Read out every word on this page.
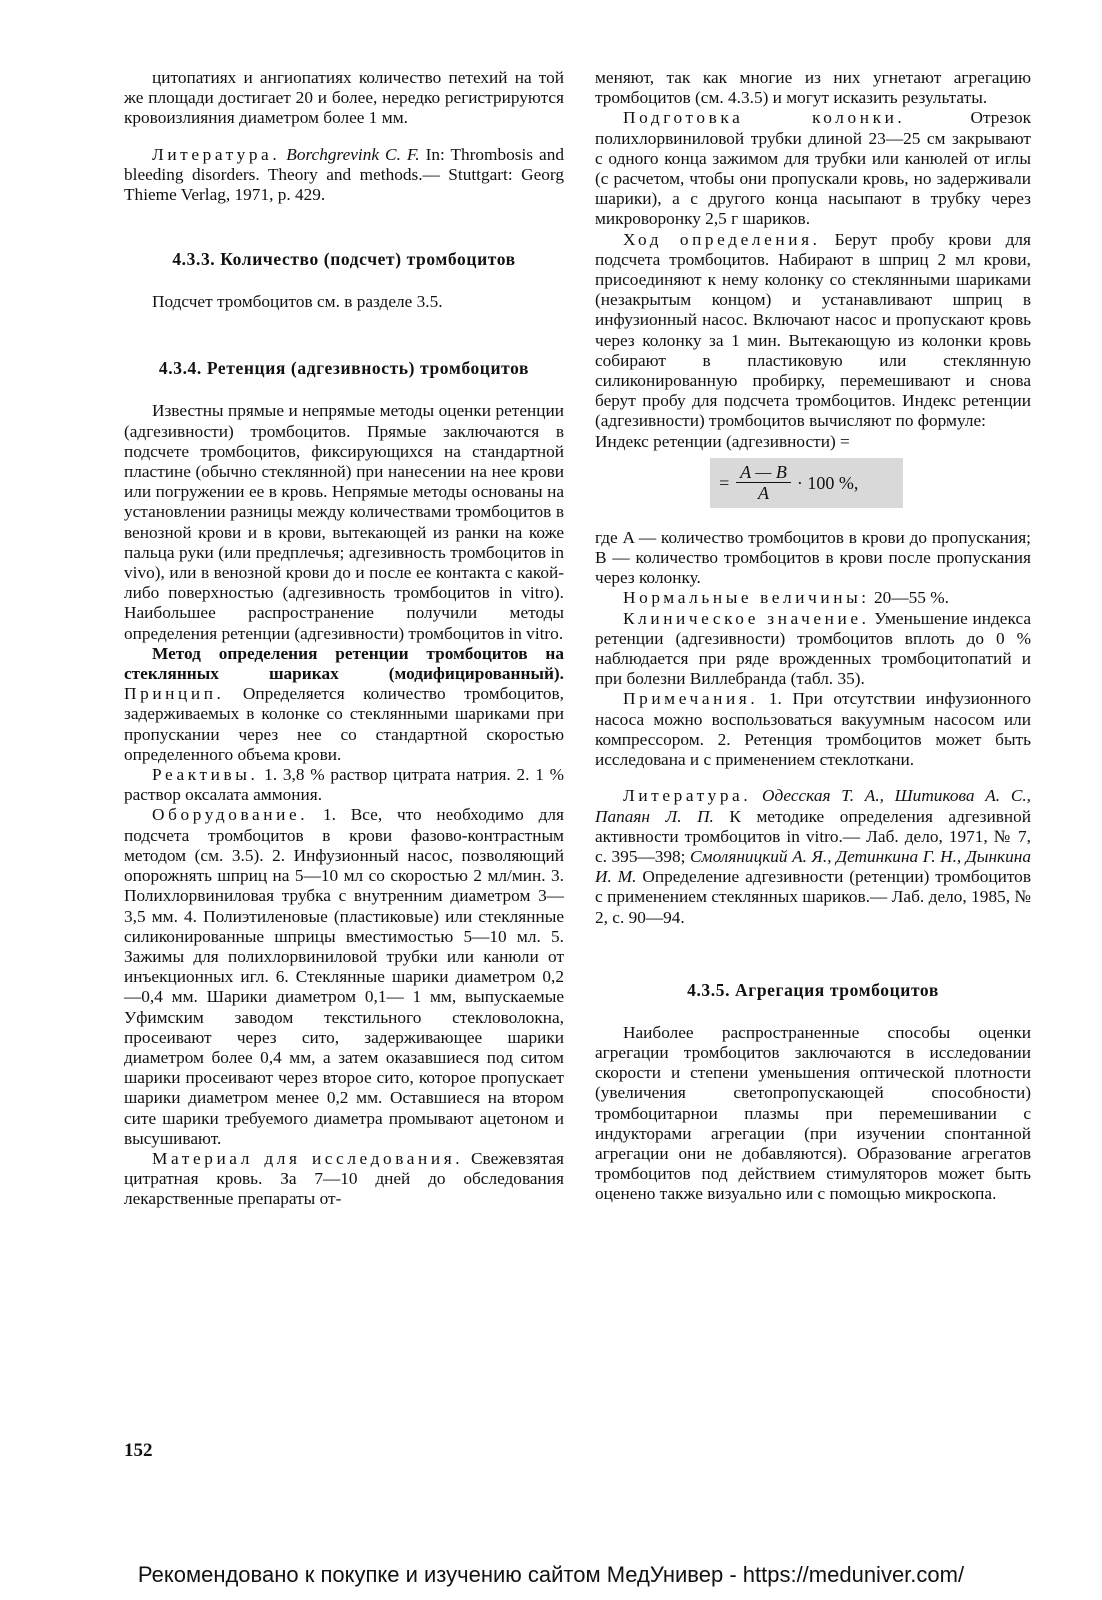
цитопатиях и ангиопатиях количество петехий на той же площади достигает 20 и более, нередко регистрируются кровоизлияния диаметром более 1 мм.

Литература. Borchgrevink C. F. In: Thrombosis and bleeding disorders. Theory and methods.— Stuttgart: Georg Thieme Verlag, 1971, p. 429.

4.3.3. Количество (подсчет) тромбоцитов

Подсчет тромбоцитов см. в разделе 3.5.

4.3.4. Ретенция (адгезивность) тромбоцитов

Известны прямые и непрямые методы оценки ретенции (адгезивности) тромбоцитов. Прямые заключаются в подсчете тромбоцитов, фиксирующихся на стандартной пластине (обычно стеклянной) при нанесении на нее крови или погружении ее в кровь. Непрямые методы основаны на установлении разницы между количествами тромбоцитов в венозной крови и в крови, вытекающей из ранки на коже пальца руки (или предплечья; адгезивность тромбоцитов in vivo), или в венозной крови до и после ее контакта с какой-либо поверхностью (адгезивность тромбоцитов in vitro). Наибольшее распространение получили методы определения ретенции (адгезивности) тромбоцитов in vitro.

Метод определения ретенции тромбоцитов на стеклянных шариках (модифицированный). Принцип. Определяется количество тромбоцитов, задерживаемых в колонке со стеклянными шариками при пропускании через нее со стандартной скоростью определенного объема крови.

Реактивы. 1. 3,8 % раствор цитрата натрия. 2. 1 % раствор оксалата аммония.

Оборудование. 1. Все, что необходимо для подсчета тромбоцитов в крови фазово-контрастным методом (см. 3.5). 2. Инфузионный насос, позволяющий опорожнять шприц на 5—10 мл со скоростью 2 мл/мин. 3. Полихлорвиниловая трубка с внутренним диаметром 3—3,5 мм. 4. Полиэтиленовые (пластиковые) или стеклянные силиконированные шприцы вместимостью 5—10 мл. 5. Зажимы для полихлорвиниловой трубки или канюли от инъекционных игл. 6. Стеклянные шарики диаметром 0,2—0,4 мм. Шарики диаметром 0,1— 1 мм, выпускаемые Уфимским заводом текстильного стекловолокна, просеивают через сито, задерживающее шарики диаметром более 0,4 мм, а затем оказавшиеся под ситом шарики просеивают через второе сито, которое пропускает шарики диаметром менее 0,2 мм. Оставшиеся на втором сите шарики требуемого диаметра промывают ацетоном и высушивают.

Материал для исследования. Свежевзятая цитратная кровь. За 7—10 дней до обследования лекарственные препараты от-

меняют, так как многие из них угнетают агрегацию тромбоцитов (см. 4.3.5) и могут исказить результаты.

Подготовка колонки.	Отрезок полихлорвиниловой трубки длиной 23—25 см закрывают с одного конца зажимом для трубки или канюлей от иглы (с расчетом, чтобы они пропускали кровь, но задерживали шарики), а с другого конца насыпают в трубку через микроворонку 2,5 г шариков.

Ход определения. Берут пробу крови для подсчета тромбоцитов. Набирают в шприц 2 мл крови, присоединяют к нему колонку со стеклянными шариками (незакрытым концом) и устанавливают шприц в инфузионный насос. Включают насос и пропускают кровь через колонку за 1 мин. Вытекающую из колонки кровь собирают в пластиковую или стеклянную силиконированную пробирку, перемешивают и снова берут пробу для подсчета тромбоцитов. Индекс ретенции (адгезивности) тромбоцитов вычисляют по формуле:

Индекс ретенции (адгезивности) =

= $\frac{A — B}{A} \cdot 100$ %,

где A — количество тромбоцитов в крови до пропускания; B — количество тромбоцитов в крови после пропускания через колонку.

Нормальные величины: 20—55 %.

Клиническое значение. Уменьшение индекса ретенции (адгезивности) тромбоцитов вплоть до 0 % наблюдается при ряде врожденных тромбоцитопатий и при болезни Виллебранда (табл. 35).

Примечания. 1. При отсутствии инфузионного насоса можно воспользоваться вакуумным насосом или компрессором. 2. Ретенция тромбоцитов может быть исследована и с применением стеклоткани.

Литература. Одесская Т. А., Шитикова А. С., Папаян Л. П. К методике определения адгезивной активности тромбоцитов in vitro.— Лаб. дело, 1971, № 7, с. 395—398; Смоляницкий А. Я., Детинкина Г. Н., Дынкина И. М. Определение адгезивности (ретенции) тромбоцитов с применением стеклянных шариков.— Лаб. дело, 1985, № 2, с. 90—94.

4.3.5. Агрегация тромбоцитов

Наиболее распространенные способы оценки агрегации тромбоцитов заключаются в исследовании скорости и степени уменьшения оптической плотности (увеличения светопропускающей способности) тромбоцитарнои плазмы при перемешивании с индукторами агрегации (при изучении спонтанной агрегации они не добавляются). Образование агрегатов тромбоцитов под действием стимуляторов может быть оценено также визуально или с помощью микроскопа.

152
Рекомендовано к покупке и изучению сайтом МедУнивер - https://meduniver.com/
